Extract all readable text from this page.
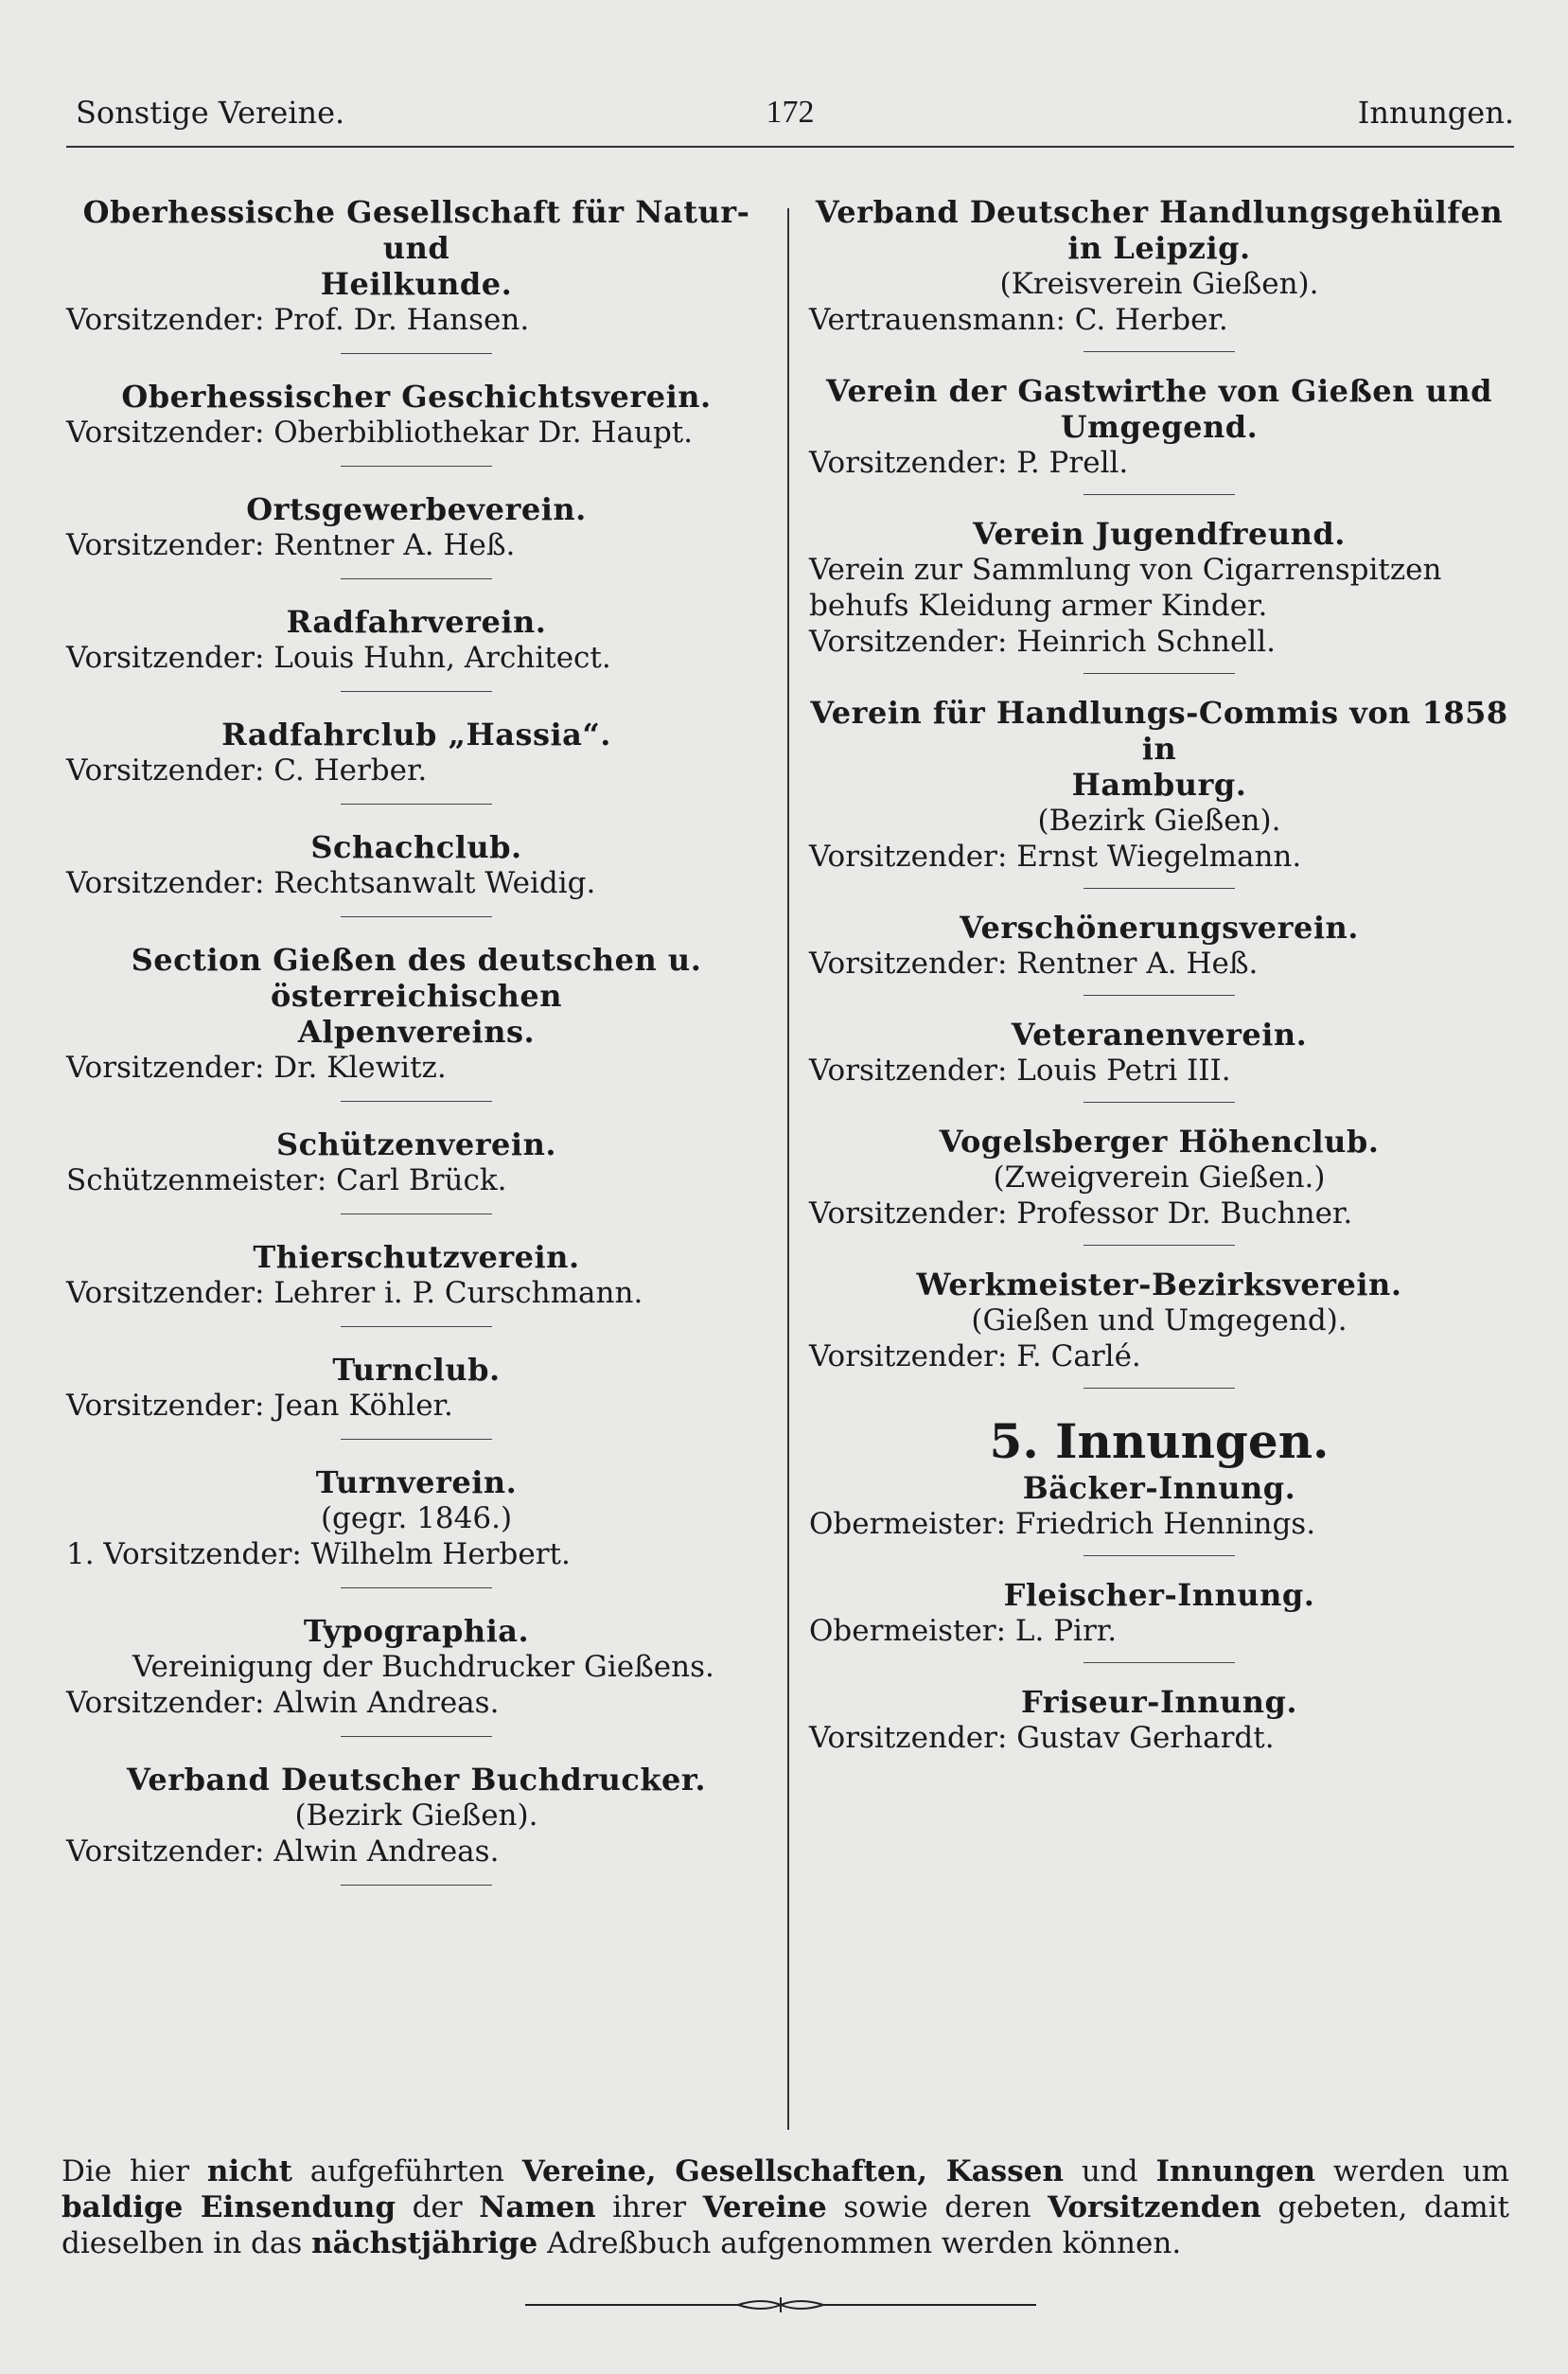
Sonstige Vereine.	172	Innungen.
Oberhessische Gesellschaft für Natur- und
Heilkunde.
Vorsitzender: Prof. Dr. Hansen.
Oberhessischer Geschichtsverein.
Vorsitzender: Oberbibliothekar Dr. Haupt.
Ortsgewerbeverein.
Vorsitzender: Rentner A. Heß.
Radfahrverein.
Vorsitzender: Louis Huhn, Architect.
Radfahrclub „Hassia“.
Vorsitzender: C. Herber.
Schachclub.
Vorsitzender: Rechtsanwalt Weidig.
Section Gießen des deutschen u. österreichischen
Alpenvereins.
Vorsitzender: Dr. Klewitz.
Schützenverein.
Schützenmeister: Carl Brück.
Thierschutzverein.
Vorsitzender: Lehrer i. P. Curschmann.
Turnclub.
Vorsitzender: Jean Köhler.
Turnverein.
(gegr. 1846.)
1. Vorsitzender: Wilhelm Herbert.
Typographia.
Vereinigung der Buchdrucker Gießens.
Vorsitzender: Alwin Andreas.
Verband Deutscher Buchdrucker.
(Bezirk Gießen).
Vorsitzender: Alwin Andreas.
Verband Deutscher Handlungsgehülfen
in Leipzig.
(Kreisverein Gießen).
Vertrauensmann: C. Herber.
Verein der Gastwirthe von Gießen und
Umgegend.
Vorsitzender: P. Prell.
Verein Jugendfreund.
Verein zur Sammlung von Cigarrenspitzen
behufs Kleidung armer Kinder.
Vorsitzender: Heinrich Schnell.
Verein für Handlungs-Commis von 1858 in
Hamburg.
(Bezirk Gießen).
Vorsitzender: Ernst Wiegelmann.
Verschönerungsverein.
Vorsitzender: Rentner A. Heß.
Veteranenverein.
Vorsitzender: Louis Petri III.
Vogelsberger Höhenclub.
(Zweigverein Gießen.)
Vorsitzender: Professor Dr. Buchner.
Werkmeister-Bezirksverein.
(Gießen und Umgegend).
Vorsitzender: F. Carlé.
5. Innungen.
Bäcker-Innung.
Obermeister: Friedrich Hennings.
Fleischer-Innung.
Obermeister: L. Pirr.
Friseur-Innung.
Vorsitzender: Gustav Gerhardt.
Die hier nicht aufgeführten Vereine, Gesellschaften, Kassen und Innungen werden um baldige Einsendung der Namen ihrer Vereine sowie deren Vorsitzenden gebeten, damit dieselben in das nächstjährige Adreßbuch aufgenommen werden können.
